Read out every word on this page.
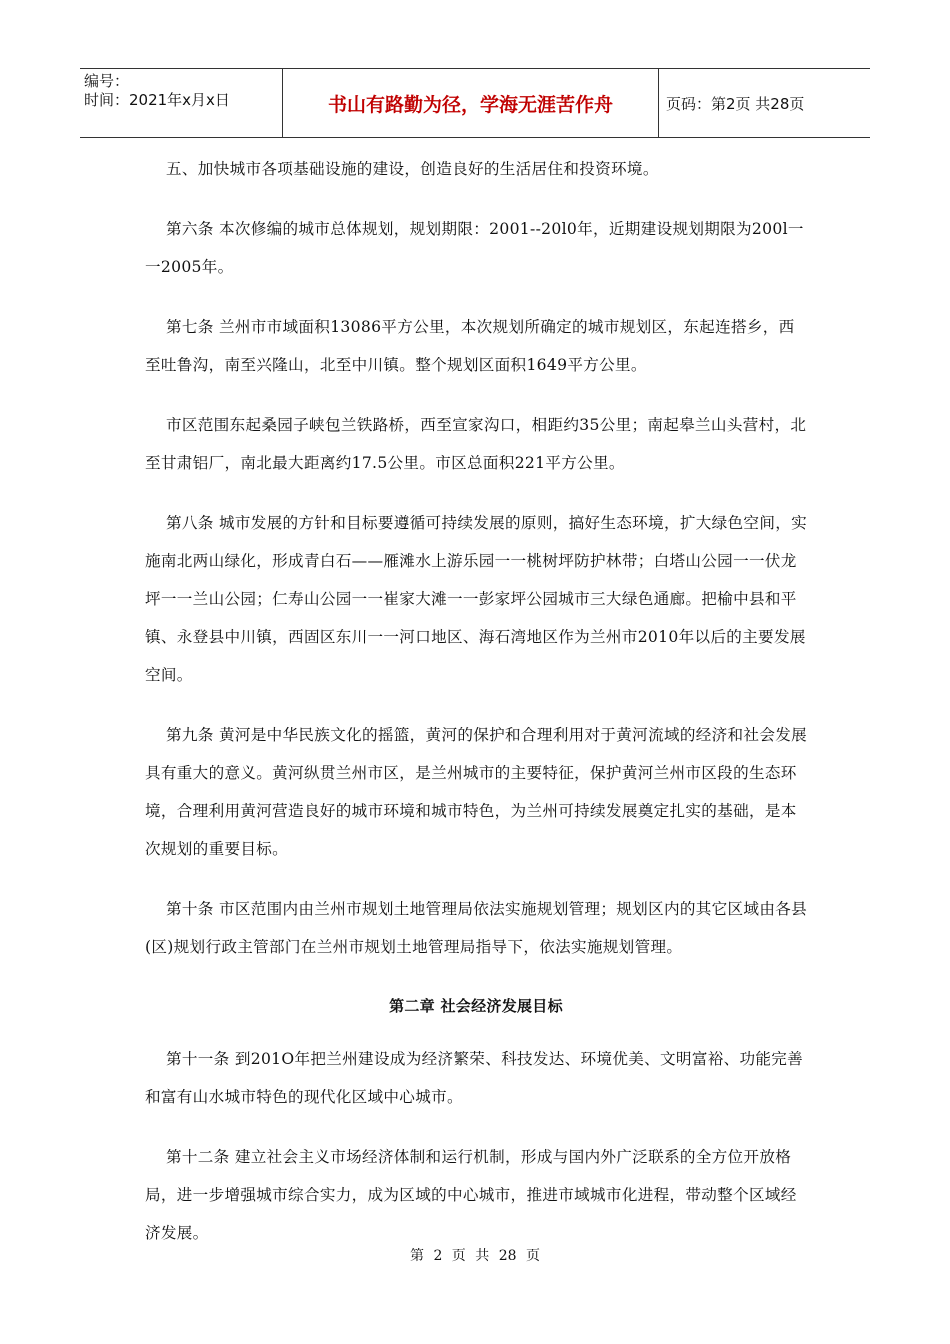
编号：
时间：2021年x月x日	书山有路勤为径，学海无涯苦作舟	页码：第2页 共28页

五、加快城市各项基础设施的建设，创造良好的生活居住和投资环境。

第六条 本次修编的城市总体规划，规划期限：2001--20l0年，近期建设规划期限为200l一一2005年。

第七条 兰州市市域面积13086平方公里，本次规划所确定的城市规划区，东起连搭乡，西至吐鲁沟，南至兴隆山，北至中川镇。整个规划区面积1649平方公里。

市区范围东起桑园子峡包兰铁路桥，西至宣家沟口，相距约35公里；南起皋兰山头营村，北至甘肃铝厂，南北最大距离约17.5公里。市区总面积221平方公里。

第八条 城市发展的方针和目标要遵循可持续发展的原则，搞好生态环境，扩大绿色空间，实施南北两山绿化，形成青白石——雁滩水上游乐园一一桃树坪防护林带；白塔山公园一一伏龙坪一一兰山公园；仁寿山公园一一崔家大滩一一彭家坪公园城市三大绿色通廊。把榆中县和平镇、永登县中川镇，西固区东川一一河口地区、海石湾地区作为兰州市2010年以后的主要发展空间。

第九条 黄河是中华民族文化的摇篮，黄河的保护和合理利用对于黄河流域的经济和社会发展具有重大的意义。黄河纵贯兰州市区，是兰州城市的主要特征，保护黄河兰州市区段的生态环境，合理利用黄河营造良好的城市环境和城市特色，为兰州可持续发展奠定扎实的基础，是本次规划的重要目标。

第十条 市区范围内由兰州市规划土地管理局依法实施规划管理；规划区内的其它区域由各县(区)规划行政主管部门在兰州市规划土地管理局指导下，依法实施规划管理。

第二章 社会经济发展目标

第十一条 到201O年把兰州建设成为经济繁荣、科技发达、环境优美、文明富裕、功能完善和富有山水城市特色的现代化区域中心城市。

第十二条 建立社会主义市场经济体制和运行机制，形成与国内外广泛联系的全方位开放格局，进一步增强城市综合实力，成为区域的中心城市，推进市域城市化进程，带动整个区域经济发展。

第 2 页 共 28 页
